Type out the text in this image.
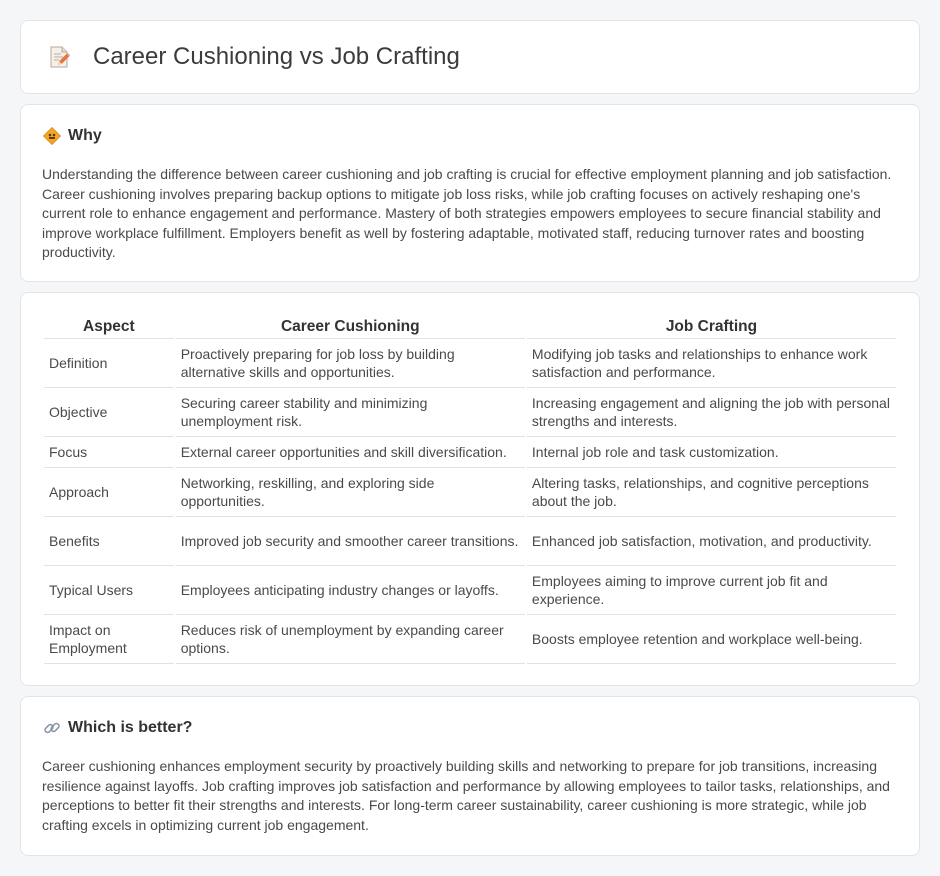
Career Cushioning vs Job Crafting
Why

Understanding the difference between career cushioning and job crafting is crucial for effective employment planning and job satisfaction. Career cushioning involves preparing backup options to mitigate job loss risks, while job crafting focuses on actively reshaping one's current role to enhance engagement and performance. Mastery of both strategies empowers employees to secure financial stability and improve workplace fulfillment. Employers benefit as well by fostering adaptable, motivated staff, reducing turnover rates and boosting productivity.

Aspect	Career Cushioning	Job Crafting
Definition	Proactively preparing for job loss by building alternative skills and opportunities.	Modifying job tasks and relationships to enhance work satisfaction and performance.
Objective	Securing career stability and minimizing unemployment risk.	Increasing engagement and aligning the job with personal strengths and interests.
Focus	External career opportunities and skill diversification.	Internal job role and task customization.
Approach	Networking, reskilling, and exploring side opportunities.	Altering tasks, relationships, and cognitive perceptions about the job.
Benefits	Improved job security and smoother career transitions.	Enhanced job satisfaction, motivation, and productivity.
Typical Users	Employees anticipating industry changes or layoffs.	Employees aiming to improve current job fit and experience.
Impact on Employment	Reduces risk of unemployment by expanding career options.	Boosts employee retention and workplace well-being.
Which is better?

Career cushioning enhances employment security by proactively building skills and networking to prepare for job transitions, increasing resilience against layoffs. Job crafting improves job satisfaction and performance by allowing employees to tailor tasks, relationships, and perceptions to better fit their strengths and interests. For long-term career sustainability, career cushioning is more strategic, while job crafting excels in optimizing current job engagement.
